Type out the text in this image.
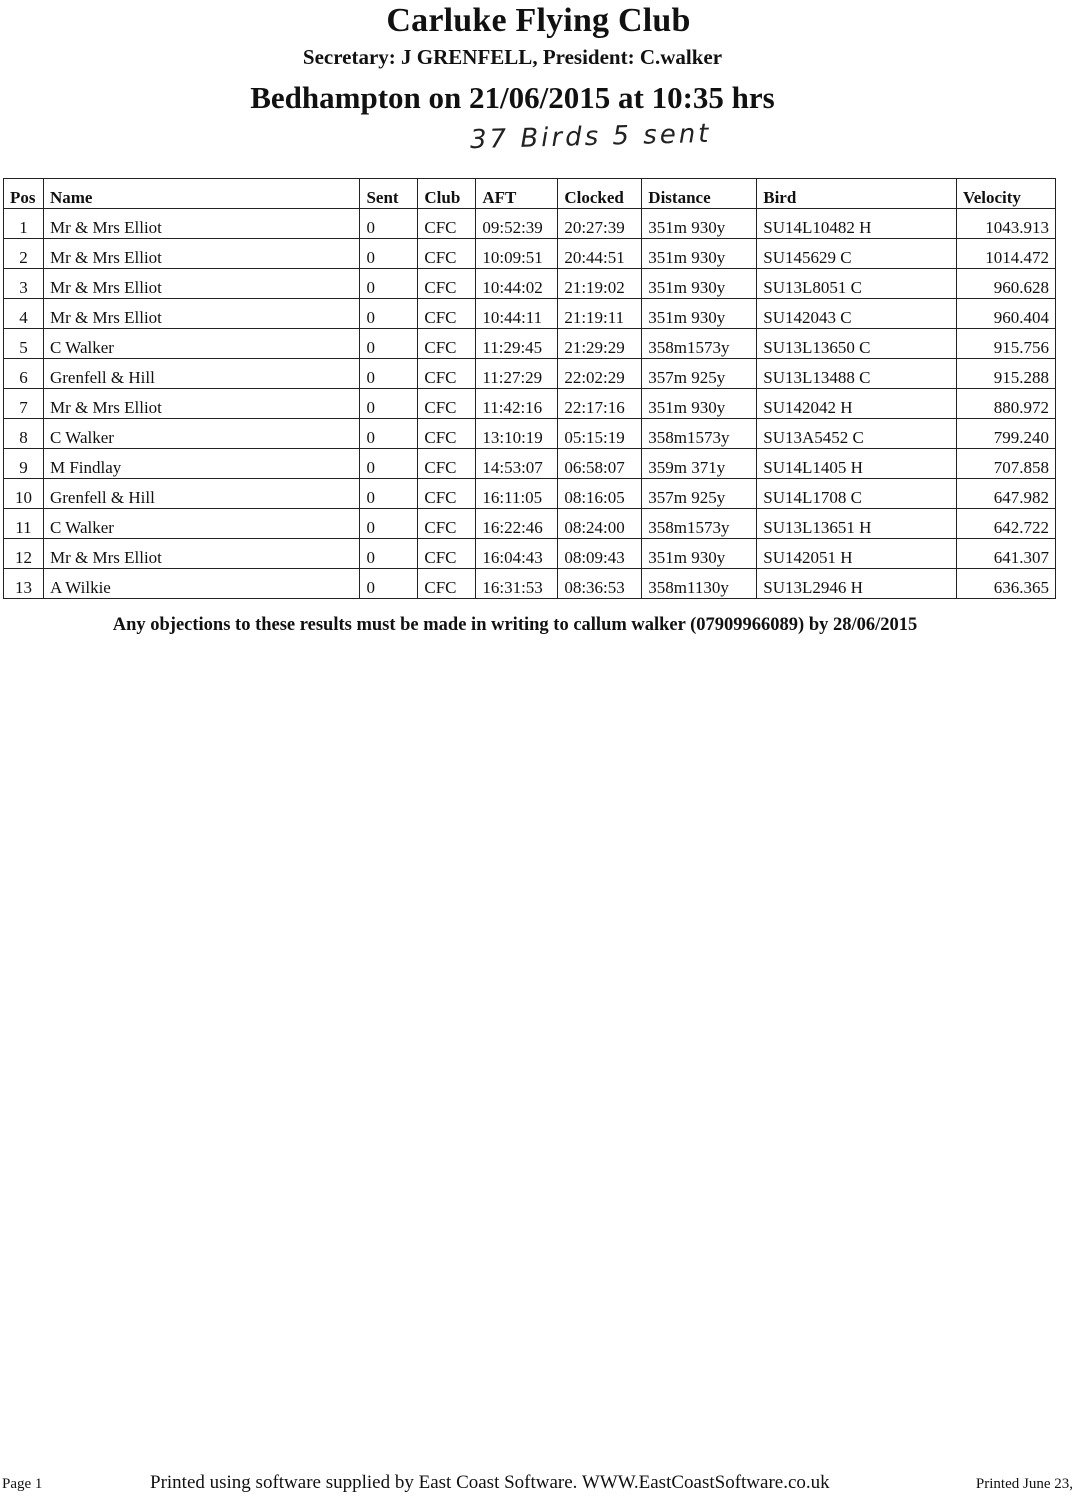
Carluke Flying Club
Secretary: J GRENFELL, President: C.walker
Bedhampton on 21/06/2015 at 10:35 hrs
37 Birds 5 sent
Pos	Name	Sent	Club	AFT	Clocked	Distance	Bird	Velocity
1	Mr & Mrs Elliot	0	CFC	09:52:39	20:27:39	351m 930y	SU14L10482 H	1043.913
2	Mr & Mrs Elliot	0	CFC	10:09:51	20:44:51	351m 930y	SU145629 C	1014.472
3	Mr & Mrs Elliot	0	CFC	10:44:02	21:19:02	351m 930y	SU13L8051 C	960.628
4	Mr & Mrs Elliot	0	CFC	10:44:11	21:19:11	351m 930y	SU142043 C	960.404
5	C Walker	0	CFC	11:29:45	21:29:29	358m1573y	SU13L13650 C	915.756
6	Grenfell & Hill	0	CFC	11:27:29	22:02:29	357m 925y	SU13L13488 C	915.288
7	Mr & Mrs Elliot	0	CFC	11:42:16	22:17:16	351m 930y	SU142042 H	880.972
8	C Walker	0	CFC	13:10:19	05:15:19	358m1573y	SU13A5452 C	799.240
9	M Findlay	0	CFC	14:53:07	06:58:07	359m 371y	SU14L1405 H	707.858
10	Grenfell & Hill	0	CFC	16:11:05	08:16:05	357m 925y	SU14L1708 C	647.982
11	C Walker	0	CFC	16:22:46	08:24:00	358m1573y	SU13L13651 H	642.722
12	Mr & Mrs Elliot	0	CFC	16:04:43	08:09:43	351m 930y	SU142051 H	641.307
13	A Wilkie	0	CFC	16:31:53	08:36:53	358m1130y	SU13L2946 H	636.365
Any objections to these results must be made in writing to callum walker (07909966089) by 28/06/2015
Page 1	Printed using software supplied by East Coast Software. WWW.EastCoastSoftware.co.uk	Printed June 23,
